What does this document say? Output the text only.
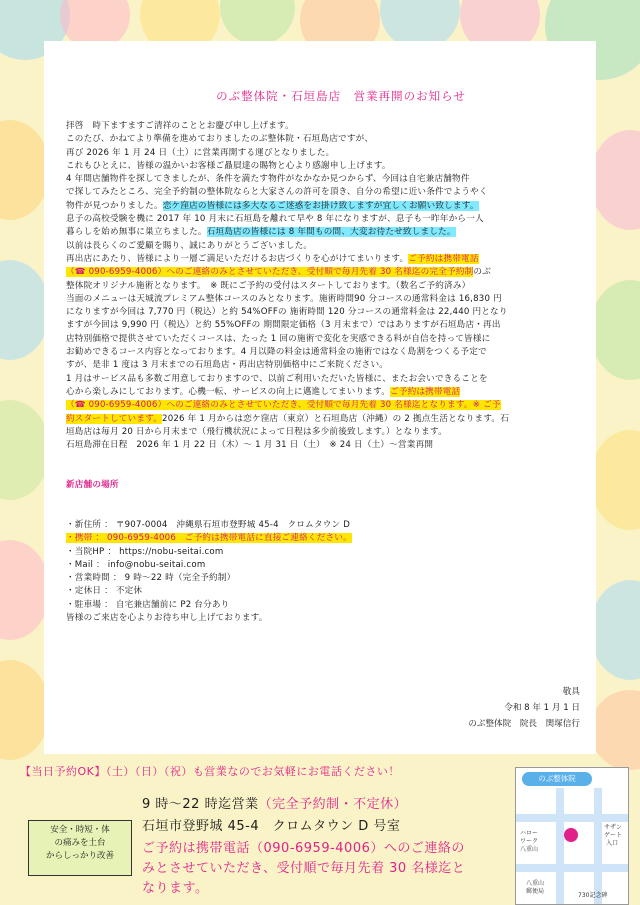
のぶ整体院・石垣島店　営業再開のお知らせ
拝啓　時下ますますご清祥のこととお慶び申し上げます。
このたび、かねてより準備を進めておりましたのぶ整体院・石垣島店ですが、
再び 2026 年 1 月 24 日（土）に営業再開する運びとなりました。
これもひとえに、皆様の温かいお客様ご贔屓達の賜物と心より感謝申し上げます。
4 年間店舗物件を探してきましたが、条件を満たす物件がなかなか見つからず、今回は自宅兼店舗物件
で探してみたところ、完全予約制の整体院ならと大家さんの許可を頂き、自分の希望に近い条件でようやく
物件が見つかりました。恋ケ窪店の皆様には多大なるご迷惑をお掛け致しますが宜しくお願い致します。
息子の高校受験を機に 2017 年 10 月末に石垣島を離れて早や 8 年になりますが、息子も一昨年から一人
暮らしを始め無事に巣立ちました。石垣島店の皆様には 8 年間もの間、大変お待たせ致しました。
以前は長らくのご愛顧を賜り、誠にありがとうございました。
再出店にあたり、皆様により一層ご満足いただけるお店づくりを心がけてまいります。ご予約は携帯電話
（☎ 090-6959-4006）へのご連絡のみとさせていただき、受付順で毎月先着 30 名様迄の完全予約制のぶ
整体院オリジナル施術となります。　※ 既にご予約の受付はスタートしております。（数名ご予約済み）
当面のメニューは天城流プレミアム整体コースのみとなります。施術時間90 分コースの通常料金は 16,830 円
になりますが今回は 7,770 円（税込）と約 54%OFFの 施術時間 120 分コースの通常料金は 22,440 円となり
ますが今回は 9,990 円（税込）と約 55%OFFの 期間限定価格（3 月末まで）ではありますが石垣島店・再出
店特別価格で提供させていただくコースは、たった 1 回の施術で変化を実感できる料が自信を持って皆様に
お勧めできるコース内容となっております。4 月以降の料金は通常料金の施術ではなく島割をつくる予定で
すが、是非 1 度は 3 月末までの石垣島店・再出店特別価格中にご来院ください。
1 月はサービス品も多数ご用意しておりますので、以前ご利用いただいた皆様に、またお会いできることを
心から楽しみにしております。心機一転、サービスの向上に邁進してまいります。ご予約は携帯電話
（☎ 090-6959-4006）へのご連絡のみとさせていただき、受付順で毎月先着 30 名様迄となります。※ ご予
約スタートしています。2026 年 1 月からは恋ケ窪店（東京）と石垣島店（沖縄）の 2 拠点生活となります。石
垣島店は毎月 20 日から月末まで（飛行機状況によって日程は多少前後致します。）となります。
石垣島滞在日程　2026 年 1 月 22 日（木）～ 1 月 31 日（土）　※ 24 日（土）～営業再開

新店舗の場所

・新住所 ： 〒907-0004　沖縄県石垣市登野城 45-4　クロムタウン D
・携帯 ： 090-6959-4006　ご予約は携帯電話に直接ご連絡ください。
・当院HP ： https://nobu-seitai.com
・Mail ： info@nobu-seitai.com
・営業時間 ： 9 時～22 時（完全予約制）
・定休日 ： 不定休
・駐車場 ： 自宅兼店舗前に P2 台分あり
皆様のご来店を心よりお待ち申し上げております。

敬具
令和 8 年 1 月 1 日
のぶ整体院　院長　関塚信行
【当日予約OK】（土）（日）（祝）も営業なのでお気軽にお電話ください！
9 時～22 時迄営業（完全予約制・不定休）
石垣市登野城 45-4　クロムタウン D 号室
ご予約は携帯電話（090-6959-4006）へのご連絡の
みとさせていただき、受付順で毎月先着 30 名様迄と
なります。
安全・時短・体
の痛みを土台
からしっかり改善
のぶ整体院
ハロー
ワーク
八重山
サザン
ゲート
入口
八重山
郵便局
730記念碑
